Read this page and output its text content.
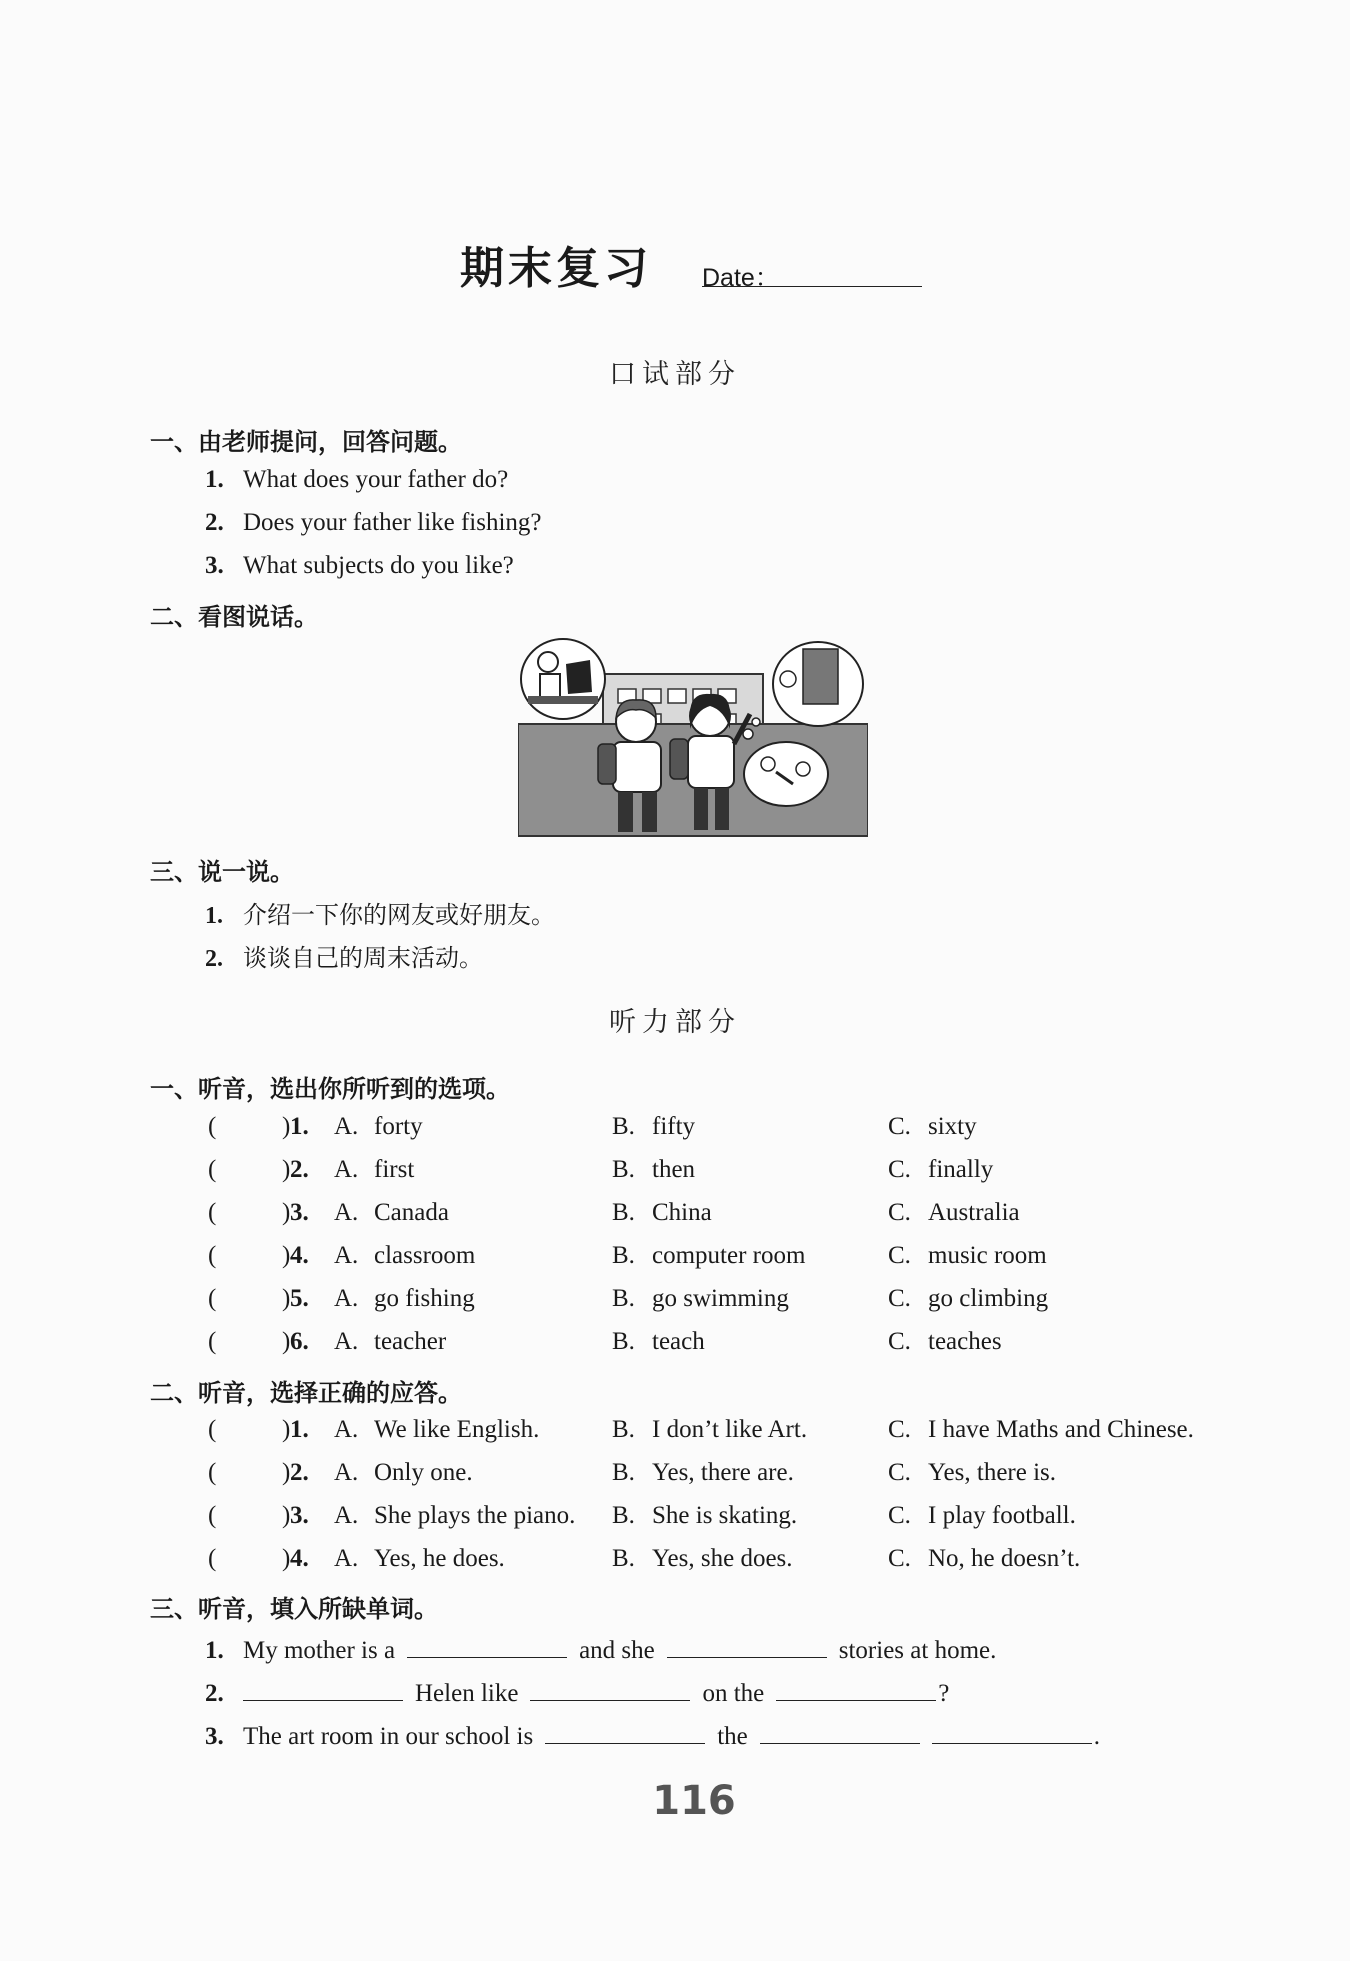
期末复习 Date：
口试部分
一、由老师提问，回答问题。
1. What does your father do?
2. Does your father like fishing?
3. What subjects do you like?
二、看图说话。
三、说一说。
1. 介绍一下你的网友或好朋友。
2. 谈谈自己的周末活动。
听力部分
一、听音，选出你所听到的选项。
(	) 1. A. forty	B. fifty	C. sixty
(	) 2. A. first	B. then	C. finally
(	) 3. A. Canada	B. China	C. Australia
(	) 4. A. classroom	B. computer room	C. music room
(	) 5. A. go fishing	B. go swimming	C. go climbing
(	) 6. A. teacher	B. teach	C. teaches
二、听音，选择正确的应答。
(	) 1. A. We like English.	B. I don’t like Art.	C. I have Maths and Chinese.
(	) 2. A. Only one.	B. Yes, there are.	C. Yes, there is.
(	) 3. A. She plays the piano. B. She is skating.	C. I play football.
(	) 4. A. Yes, he does.	B. Yes, she does.	C. No, he doesn’t.
三、听音，填入所缺单词。
1. My mother is a	and she	stories at home.
2.	Helen like	on the	?
3. The art room in our school is	the	.
116
